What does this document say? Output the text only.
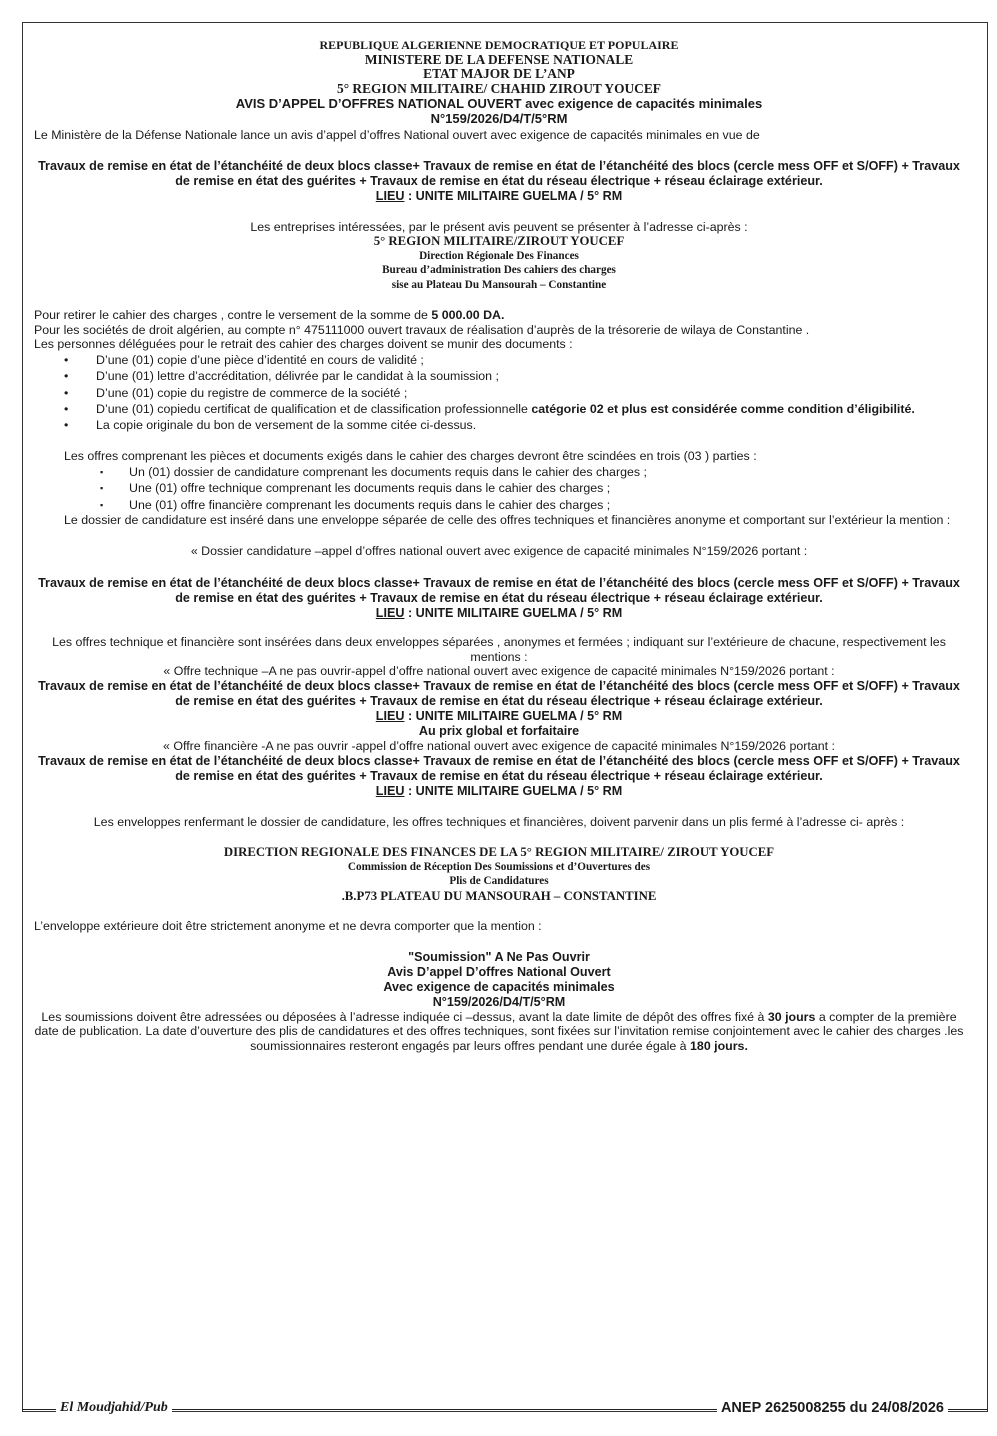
REPUBLIQUE ALGERIENNE DEMOCRATIQUE ET POPULAIRE

MINISTERE DE LA DEFENSE NATIONALE

ETAT MAJOR DE L’ANP

5° REGION MILITAIRE/ CHAHID ZIROUT YOUCEF

AVIS D’APPEL D’OFFRES NATIONAL OUVERT avec exigence de capacités minimales

N°159/2026/D4/T/5°RM

Le Ministère de la Défense Nationale lance un avis d’appel d’offres National ouvert avec exigence de capacités minimales en vue de

Travaux de remise en état de l’étanchéité de deux blocs classe+ Travaux de remise en état de l’étanchéité des blocs (cercle mess OFF et S/OFF) + Travaux de remise en état des guérites + Travaux de remise en état du réseau électrique + réseau éclairage extérieur.

LIEU : UNITE MILITAIRE GUELMA / 5° RM

Les entreprises intéressées, par le présent avis peuvent se présenter à l’adresse ci-après :

5° REGION MILITAIRE/ZIROUT YOUCEF

Direction Régionale Des Finances

Bureau d’administration Des cahiers des charges

sise au Plateau Du Mansourah – Constantine

Pour retirer le cahier des charges , contre le versement de la somme de 5 000.00 DA.

Pour les sociétés de droit algérien, au compte n° 475111000 ouvert travaux de réalisation d’auprès de la trésorerie de wilaya de Constantine .

Les personnes déléguées pour le retrait des cahier des charges doivent se munir des documents :

• D’une (01) copie d’une pièce d’identité en cours de validité ;
• D’une (01) lettre d’accréditation, délivrée par le candidat à la soumission ;
• D’une (01) copie du registre de commerce de la société ;
• D’une (01) copiedu certificat de qualification et de classification professionnelle catégorie 02 et plus est considérée comme condition d’éligibilité.
• La copie originale du bon de versement de la somme citée ci-dessus.

Les offres comprenant les pièces et documents exigés dans le cahier des charges devront être scindées en trois (03 ) parties :

▪ Un (01) dossier de candidature comprenant les documents requis dans le cahier des charges ;
▪ Une (01) offre technique comprenant les documents requis dans le cahier des charges ;
▪ Une (01) offre financière comprenant les documents requis dans le cahier des charges ;

Le dossier de candidature est inséré dans une enveloppe séparée de celle des offres techniques et financières anonyme et comportant sur l’extérieur la mention :

« Dossier candidature –appel d’offres national ouvert avec exigence de capacité minimales N°159/2026 portant :

Travaux de remise en état de l’étanchéité de deux blocs classe+ Travaux de remise en état de l’étanchéité des blocs (cercle mess OFF et S/OFF) + Travaux de remise en état des guérites + Travaux de remise en état du réseau électrique + réseau éclairage extérieur.

LIEU : UNITE MILITAIRE GUELMA / 5° RM

Les offres technique et financière sont insérées dans deux enveloppes séparées , anonymes et fermées ; indiquant sur l’extérieure de chacune, respectivement les mentions :

« Offre technique –A ne pas ouvrir-appel d’offre national ouvert avec exigence de capacité minimales N°159/2026 portant :

Travaux de remise en état de l’étanchéité de deux blocs classe+ Travaux de remise en état de l’étanchéité des blocs (cercle mess OFF et S/OFF) + Travaux de remise en état des guérites + Travaux de remise en état du réseau électrique + réseau éclairage extérieur.

LIEU : UNITE MILITAIRE GUELMA / 5° RM

Au prix global et forfaitaire

« Offre financière -A ne pas ouvrir -appel d’offre national ouvert avec exigence de capacité minimales N°159/2026 portant :

Travaux de remise en état de l’étanchéité de deux blocs classe+ Travaux de remise en état de l’étanchéité des blocs (cercle mess OFF et S/OFF) + Travaux de remise en état des guérites + Travaux de remise en état du réseau électrique + réseau éclairage extérieur.

LIEU : UNITE MILITAIRE GUELMA / 5° RM

Les enveloppes renfermant le dossier de candidature, les offres techniques et financières, doivent parvenir dans un plis fermé à l’adresse ci- après :

DIRECTION REGIONALE DES FINANCES DE LA 5° REGION MILITAIRE/ ZIROUT YOUCEF

Commission de Réception Des Soumissions et d’Ouvertures des

Plis de Candidatures

.B.P73 PLATEAU DU MANSOURAH – CONSTANTINE

L’enveloppe extérieure doit être strictement anonyme et ne devra comporter que la mention :

"Soumission" A Ne Pas Ouvrir

Avis D’appel D’offres National Ouvert

Avec exigence de capacités minimales

N°159/2026/D4/T/5°RM

Les soumissions doivent être adressées ou déposées à l’adresse indiquée ci –dessus, avant la date limite de dépôt des offres fixé à 30 jours a compter de la première date de publication. La date d’ouverture des plis de candidatures et des offres techniques, sont fixées sur l’invitation remise conjointement avec le cahier des charges .les soumissionnaires resteront engagés par leurs offres pendant une durée égale à 180 jours.

El Moudjahid/Pub	ANEP 2625008255 du 24/08/2026
